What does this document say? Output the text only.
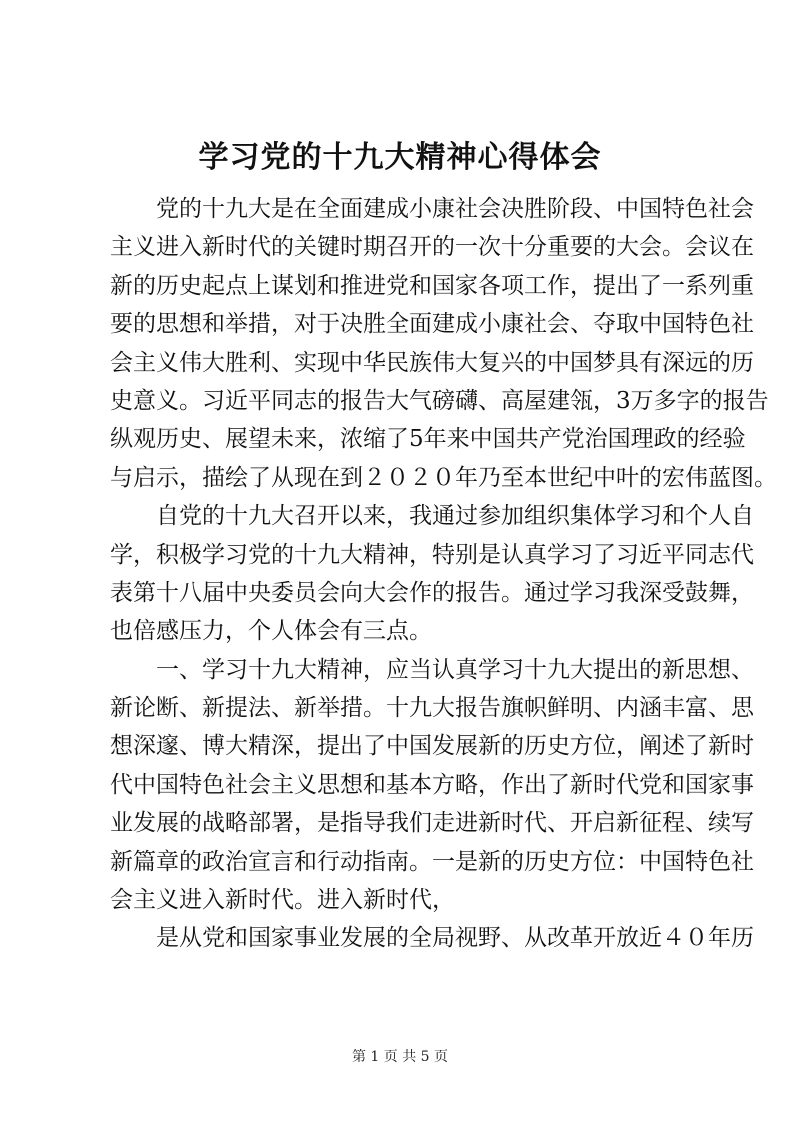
学习党的十九大精神心得体会
　　党的十九大是在全面建成小康社会决胜阶段、中国特色社会
主义进入新时代的关键时期召开的一次十分重要的大会。会议在
新的历史起点上谋划和推进党和国家各项工作，提出了一系列重
要的思想和举措，对于决胜全面建成小康社会、夺取中国特色社
会主义伟大胜利、实现中华民族伟大复兴的中国梦具有深远的历
史意义。习近平同志的报告大气磅礴、高屋建瓴，3万多字的报告
纵观历史、展望未来，浓缩了5年来中国共产党治国理政的经验
与启示，描绘了从现在到２０２０年乃至本世纪中叶的宏伟蓝图。
　　自党的十九大召开以来，我通过参加组织集体学习和个人自
学，积极学习党的十九大精神，特别是认真学习了习近平同志代
表第十八届中央委员会向大会作的报告。通过学习我深受鼓舞，
也倍感压力，个人体会有三点。
　　一、学习十九大精神，应当认真学习十九大提出的新思想、
新论断、新提法、新举措。十九大报告旗帜鲜明、内涵丰富、思
想深邃、博大精深，提出了中国发展新的历史方位，阐述了新时
代中国特色社会主义思想和基本方略，作出了新时代党和国家事
业发展的战略部署，是指导我们走进新时代、开启新征程、续写
新篇章的政治宣言和行动指南。一是新的历史方位：中国特色社
会主义进入新时代。进入新时代，
　　是从党和国家事业发展的全局视野、从改革开放近４０年历
第 1 页 共 5 页
